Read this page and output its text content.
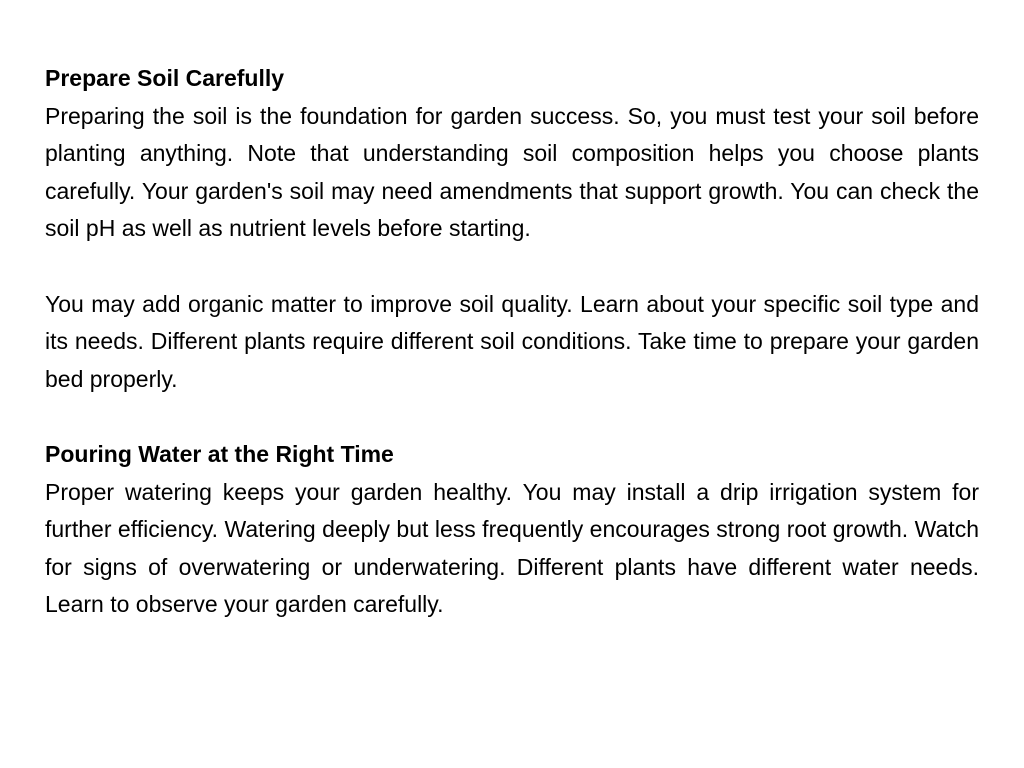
Prepare Soil Carefully

Preparing the soil is the foundation for garden success. So, you must test your soil before planting anything. Note that understanding soil composition helps you choose plants carefully. Your garden's soil may need amendments that support growth. You can check the soil pH as well as nutrient levels before starting.

You may add organic matter to improve soil quality. Learn about your specific soil type and its needs. Different plants require different soil conditions. Take time to prepare your garden bed properly.

Pouring Water at the Right Time

Proper watering keeps your garden healthy. You may install a drip irrigation system for further efficiency. Watering deeply but less frequently encourages strong root growth. Watch for signs of overwatering or underwatering. Different plants have different water needs. Learn to observe your garden carefully.
